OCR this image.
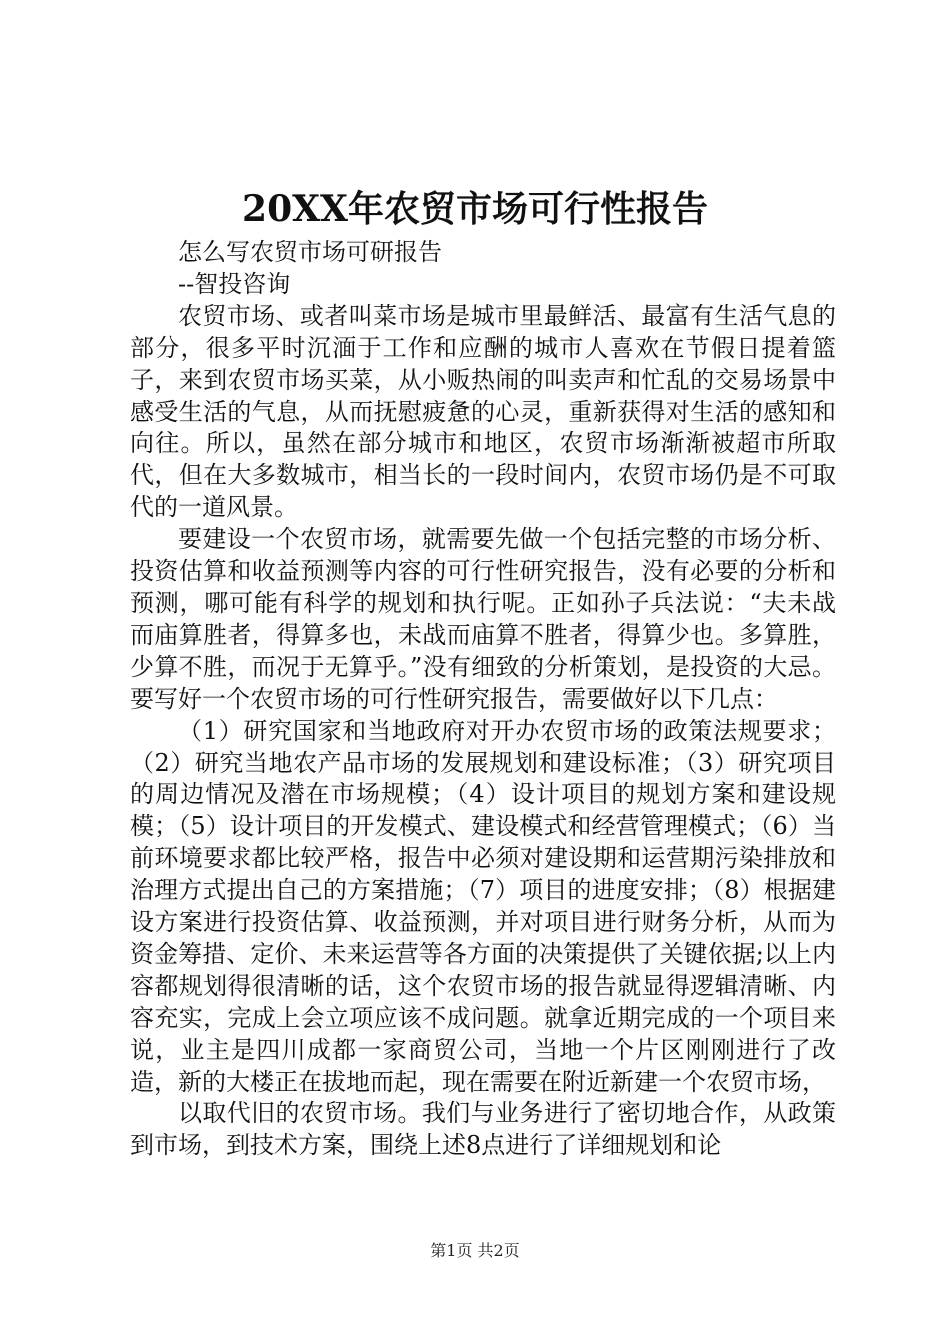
20XX年农贸市场可行性报告

怎么写农贸市场可研报告

--智投咨询

农贸市场、或者叫菜市场是城市里最鲜活、最富有生活气息的部分，很多平时沉湎于工作和应酬的城市人喜欢在节假日提着篮子，来到农贸市场买菜，从小贩热闹的叫卖声和忙乱的交易场景中感受生活的气息，从而抚慰疲惫的心灵，重新获得对生活的感知和向往。所以，虽然在部分城市和地区，农贸市场渐渐被超市所取代，但在大多数城市，相当长的一段时间内，农贸市场仍是不可取代的一道风景。

要建设一个农贸市场，就需要先做一个包括完整的市场分析、投资估算和收益预测等内容的可行性研究报告，没有必要的分析和预测，哪可能有科学的规划和执行呢。正如孙子兵法说：“夫未战而庙算胜者，得算多也，未战而庙算不胜者，得算少也。多算胜，少算不胜，而况于无算乎。”没有细致的分析策划，是投资的大忌。要写好一个农贸市场的可行性研究报告，需要做好以下几点：

（1）研究国家和当地政府对开办农贸市场的政策法规要求；（2）研究当地农产品市场的发展规划和建设标准；（3）研究项目的周边情况及潜在市场规模；（4）设计项目的规划方案和建设规模；（5）设计项目的开发模式、建设模式和经营管理模式；（6）当前环境要求都比较严格，报告中必须对建设期和运营期污染排放和治理方式提出自己的方案措施；（7）项目的进度安排；（8）根据建设方案进行投资估算、收益预测，并对项目进行财务分析，从而为资金筹措、定价、未来运营等各方面的决策提供了关键依据;以上内容都规划得很清晰的话，这个农贸市场的报告就显得逻辑清晰、内容充实，完成上会立项应该不成问题。就拿近期完成的一个项目来说，业主是四川成都一家商贸公司，当地一个片区刚刚进行了改造，新的大楼正在拔地而起，现在需要在附近新建一个农贸市场，

以取代旧的农贸市场。我们与业务进行了密切地合作，从政策到市场，到技术方案，围绕上述8点进行了详细规划和论

第1页 共2页
